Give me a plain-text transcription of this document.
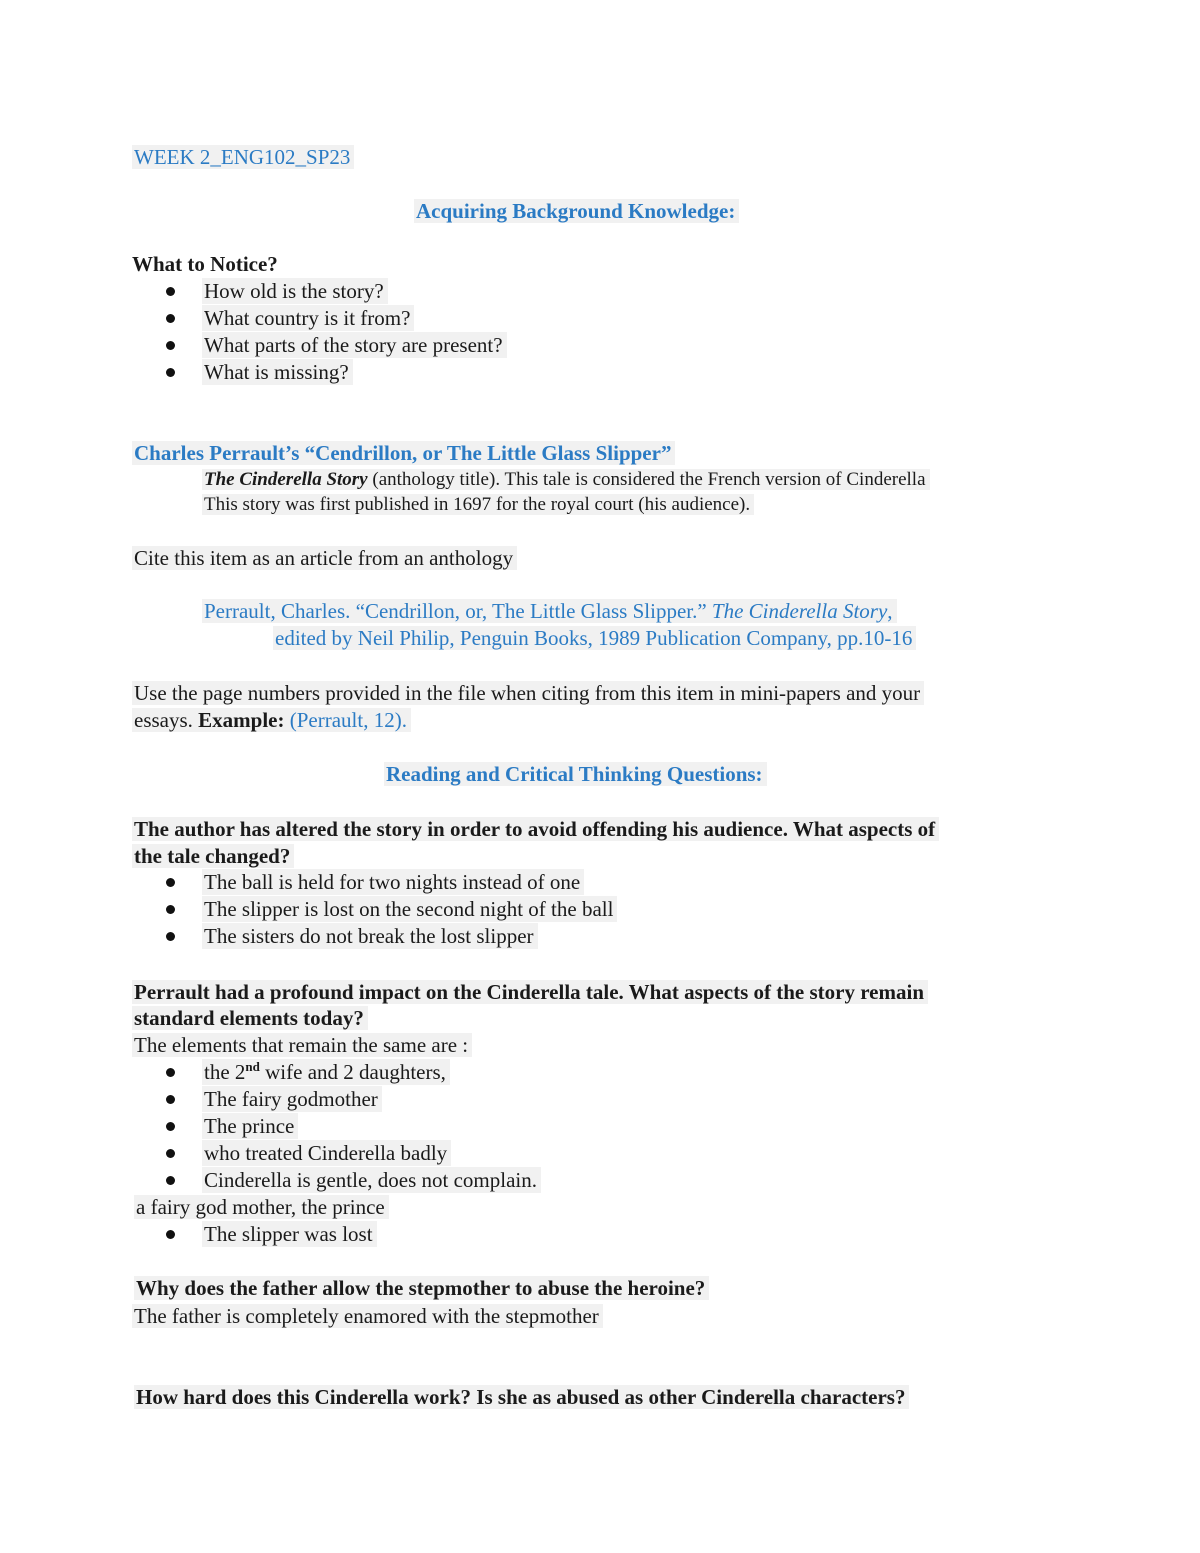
WEEK 2_ENG102_SP23
Acquiring Background Knowledge:
What to Notice?
How old is the story?
What country is it from?
What parts of the story are present?
What is missing?
Charles Perrault’s “Cendrillon, or The Little Glass Slipper”
The Cinderella Story (anthology title). This tale is considered the French version of Cinderella
This story was first published in 1697 for the royal court (his audience).
Cite this item as an article from an anthology
Perrault, Charles. “Cendrillon, or, The Little Glass Slipper.” The Cinderella Story,
edited by Neil Philip, Penguin Books, 1989 Publication Company, pp.10-16
Use the page numbers provided in the file when citing from this item in mini-papers and your
essays. Example: (Perrault, 12).
Reading and Critical Thinking Questions:
The author has altered the story in order to avoid offending his audience. What aspects of
the tale changed?
The ball is held for two nights instead of one
The slipper is lost on the second night of the ball
The sisters do not break the lost slipper
Perrault had a profound impact on the Cinderella tale. What aspects of the story remain
standard elements today?
The elements that remain the same are :
the 2nd wife and 2 daughters,
The fairy godmother
The prince
who treated Cinderella badly
Cinderella is gentle, does not complain.
a fairy god mother, the prince
The slipper was lost
Why does the father allow the stepmother to abuse the heroine?
The father is completely enamored with the stepmother
How hard does this Cinderella work? Is she as abused as other Cinderella characters?
